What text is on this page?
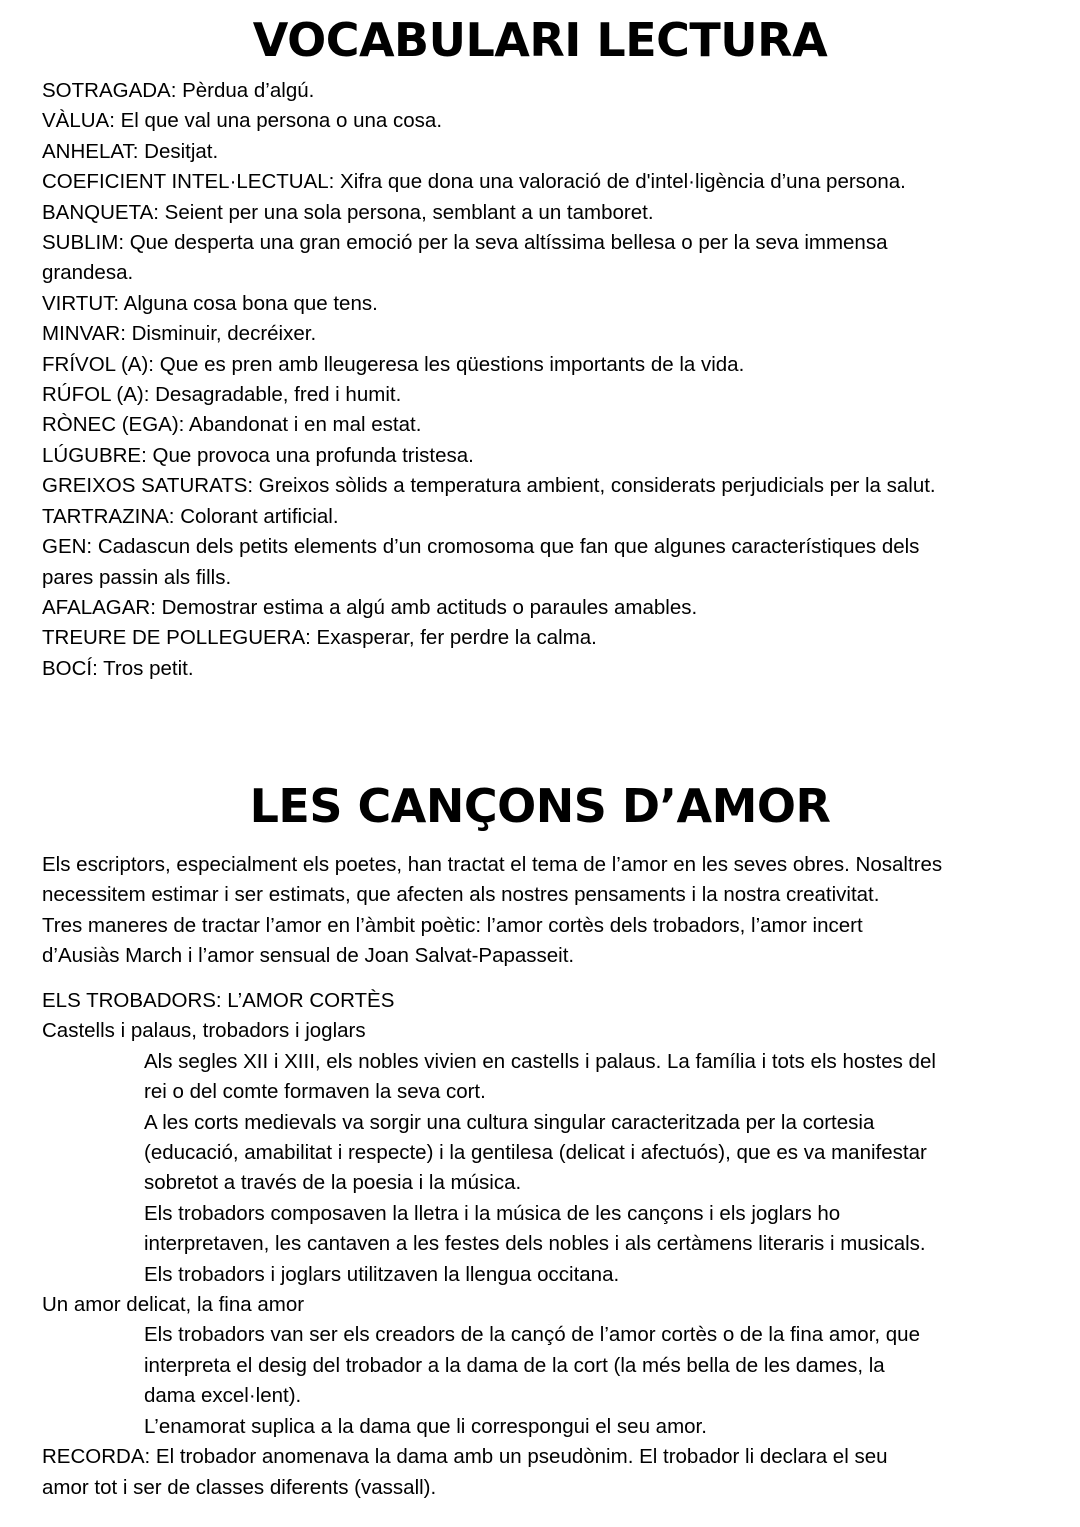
VOCABULARI LECTURA
SOTRAGADA: Pèrdua d’algú.
VÀLUA: El que val una persona o una cosa.
ANHELAT: Desitjat.
COEFICIENT INTEL·LECTUAL: Xifra que dona una valoració de d'intel·ligència d’una persona.
BANQUETA: Seient per una sola persona, semblant a un tamboret.
SUBLIM: Que desperta una gran emoció per la seva altíssima bellesa o per la seva immensa
grandesa.
VIRTUT: Alguna cosa bona que tens.
MINVAR: Disminuir, decréixer.
FRÍVOL (A): Que es pren amb lleugeresa les qüestions importants de la vida.
RÚFOL (A): Desagradable, fred i humit.
RÒNEC (EGA): Abandonat i en mal estat.
LÚGUBRE: Que provoca una profunda tristesa.
GREIXOS SATURATS: Greixos sòlids a temperatura ambient, considerats perjudicials per la salut.
TARTRAZINA: Colorant artificial.
GEN: Cadascun dels petits elements d’un cromosoma que fan que algunes característiques dels
pares passin als fills.
AFALAGAR: Demostrar estima a algú amb actituds o paraules amables.
TREURE DE POLLEGUERA: Exasperar, fer perdre la calma.
BOCÍ: Tros petit.
LES CANÇONS D’AMOR
Els escriptors, especialment els poetes, han tractat el tema de l’amor en les seves obres. Nosaltres
necessitem estimar i ser estimats, que afecten als nostres pensaments i la nostra creativitat.
Tres maneres de tractar l’amor en l’àmbit poètic: l’amor cortès dels trobadors, l’amor incert
d’Ausiàs March i l’amor sensual de Joan Salvat-Papasseit.
ELS TROBADORS: L’AMOR CORTÈS
Castells i palaus, trobadors i joglars
Als segles XII i XIII, els nobles vivien en castells i palaus. La família i tots els hostes del
rei o del comte formaven la seva cort.
A les corts medievals va sorgir una cultura singular caracteritzada per la cortesia
(educació, amabilitat i respecte) i la gentilesa (delicat i afectuós), que es va manifestar
sobretot a través de la poesia i la música.
Els trobadors composaven la lletra i la música de les cançons i els joglars ho
interpretaven, les cantaven a les festes dels nobles i als certàmens literaris i musicals.
Els trobadors i joglars utilitzaven la llengua occitana.
Un amor delicat, la fina amor
Els trobadors van ser els creadors de la cançó de l’amor cortès o de la fina amor, que
interpreta el desig del trobador a la dama de la cort (la més bella de les dames, la
dama excel·lent).
L’enamorat suplica a la dama que li correspongui el seu amor.
RECORDA: El trobador anomenava la dama amb un pseudònim. El trobador li declara el seu
amor tot i ser de classes diferents (vassall).
